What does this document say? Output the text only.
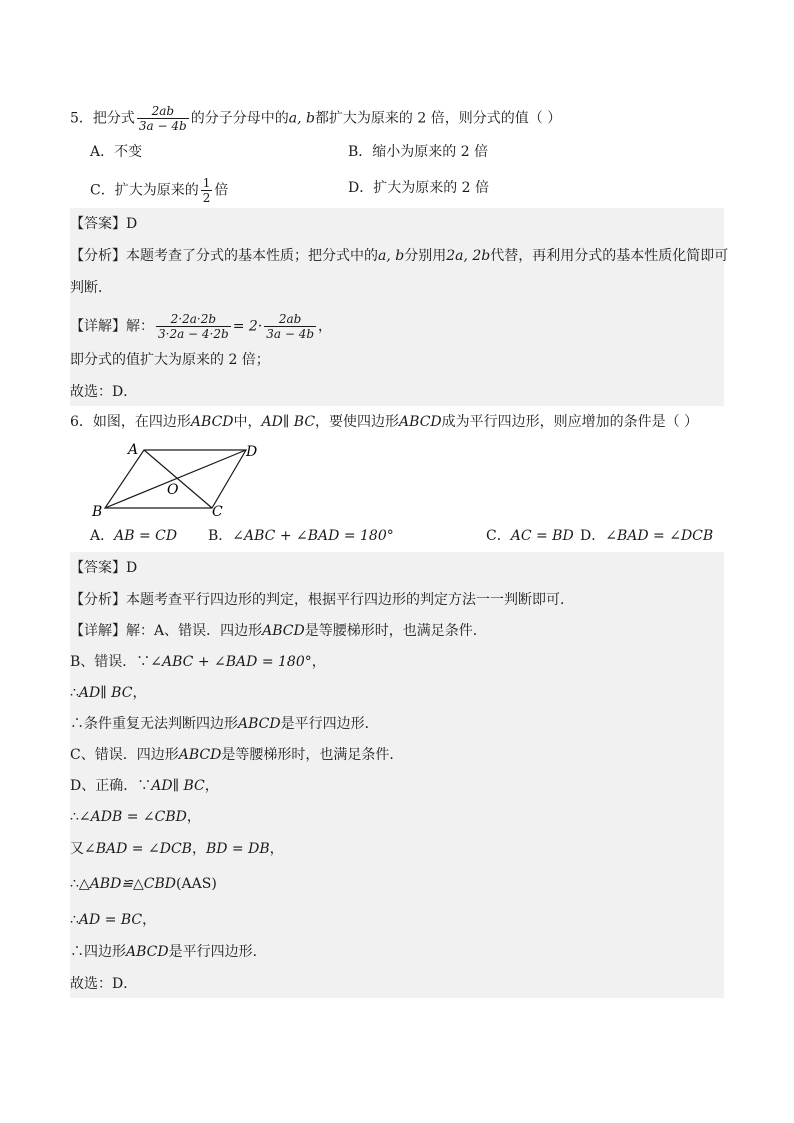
5．把分式 $\frac{2ab}{3a - 4b}$ 的分子分母中的a, b都扩大为原来的 2 倍，则分式的值（ ）
A．不变	B．缩小为原来的 2 倍
C．扩大为原来的 $\frac{1}{2}$ 倍	D．扩大为原来的 2 倍
【答案】D
【分析】本题考查了分式的基本性质；把分式中的a, b分别用2a, 2b代替，再利用分式的基本性质化简即可
判断．
【详解】解： $\frac{2\cdot 2a\cdot 2b}{3\cdot 2a - 4\cdot 2b} = 2\cdot \frac{2ab}{3a - 4b}$ ，
即分式的值扩大为原来的 2 倍；
故选：D．
6．如图，在四边形ABCD中，AD∥ BC，要使四边形ABCD成为平行四边形，则应增加的条件是（ ）
A	D
B	C
O
A．AB = CD B．∠ABC + ∠BAD = 180°	C．AC = BD D．∠BAD = ∠DCB
【答案】D
【分析】本题考查平行四边形的判定，根据平行四边形的判定方法一一判断即可．
【详解】解：A、错误．四边形ABCD是等腰梯形时，也满足条件．
B、错误．∵∠ABC + ∠BAD = 180°，
∴AD∥ BC，
∴条件重复无法判断四边形ABCD是平行四边形．
C、错误．四边形ABCD是等腰梯形时，也满足条件．
D、正确．∵AD∥ BC，
∴∠ADB = ∠CBD，
又∠BAD = ∠DCB，BD = DB，
∴△ABD≌△CBD(AAS)
∴AD = BC，
∴四边形ABCD是平行四边形．
故选：D．
